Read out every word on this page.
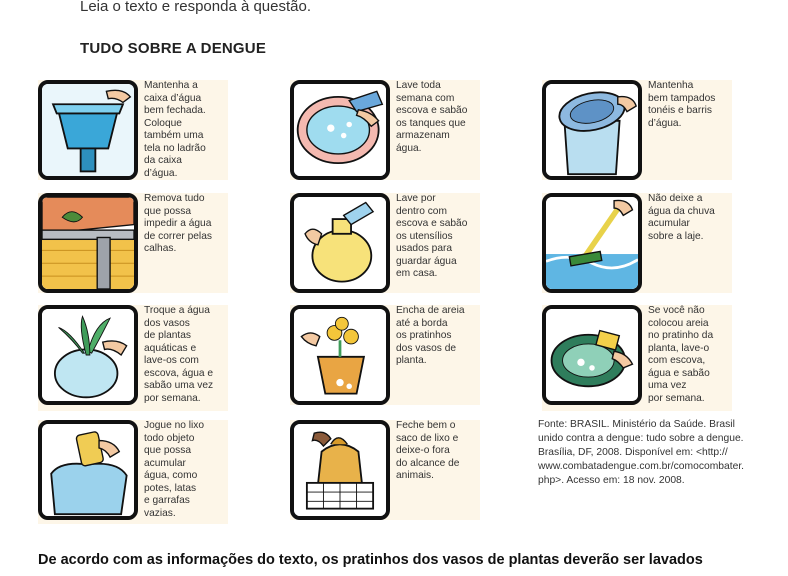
Leia o texto e responda à questão.
TUDO SOBRE A DENGUE
Mantenha a
caixa d’água
bem fechada.
Coloque
também uma
tela no ladrão
da caixa
d’água.
Lave toda
semana com
escova e sabão
os tanques que
armazenam
água.
Mantenha
bem tampados
tonéis e barris
d’água.
Remova tudo
que possa
impedir a água
de correr pelas
calhas.
Lave por
dentro com
escova e sabão
os utensílios
usados para
guardar água
em casa.
Não deixe a
água da chuva
acumular
sobre a laje.
Troque a água
dos vasos
de plantas
aquáticas e
lave-os com
escova, água e
sabão uma vez
por semana.
Encha de areia
até a borda
os pratinhos
dos vasos de
planta.
Se você não
colocou areia
no pratinho da
planta, lave-o
com escova,
água e sabão
uma vez
por semana.
Jogue no lixo
todo objeto
que possa
acumular
água, como
potes, latas
e garrafas
vazias.
Feche bem o
saco de lixo e
deixe-o fora
do alcance de
animais.
Fonte: BRASIL. Ministério da Saúde. Brasil
unido contra a dengue: tudo sobre a dengue.
Brasília, DF, 2008. Disponível em: <http://
www.combatadengue.com.br/comocombater.
php>. Acesso em: 18 nov. 2008.
De acordo com as informações do texto, os pratinhos dos vasos de plantas deverão ser lavados
